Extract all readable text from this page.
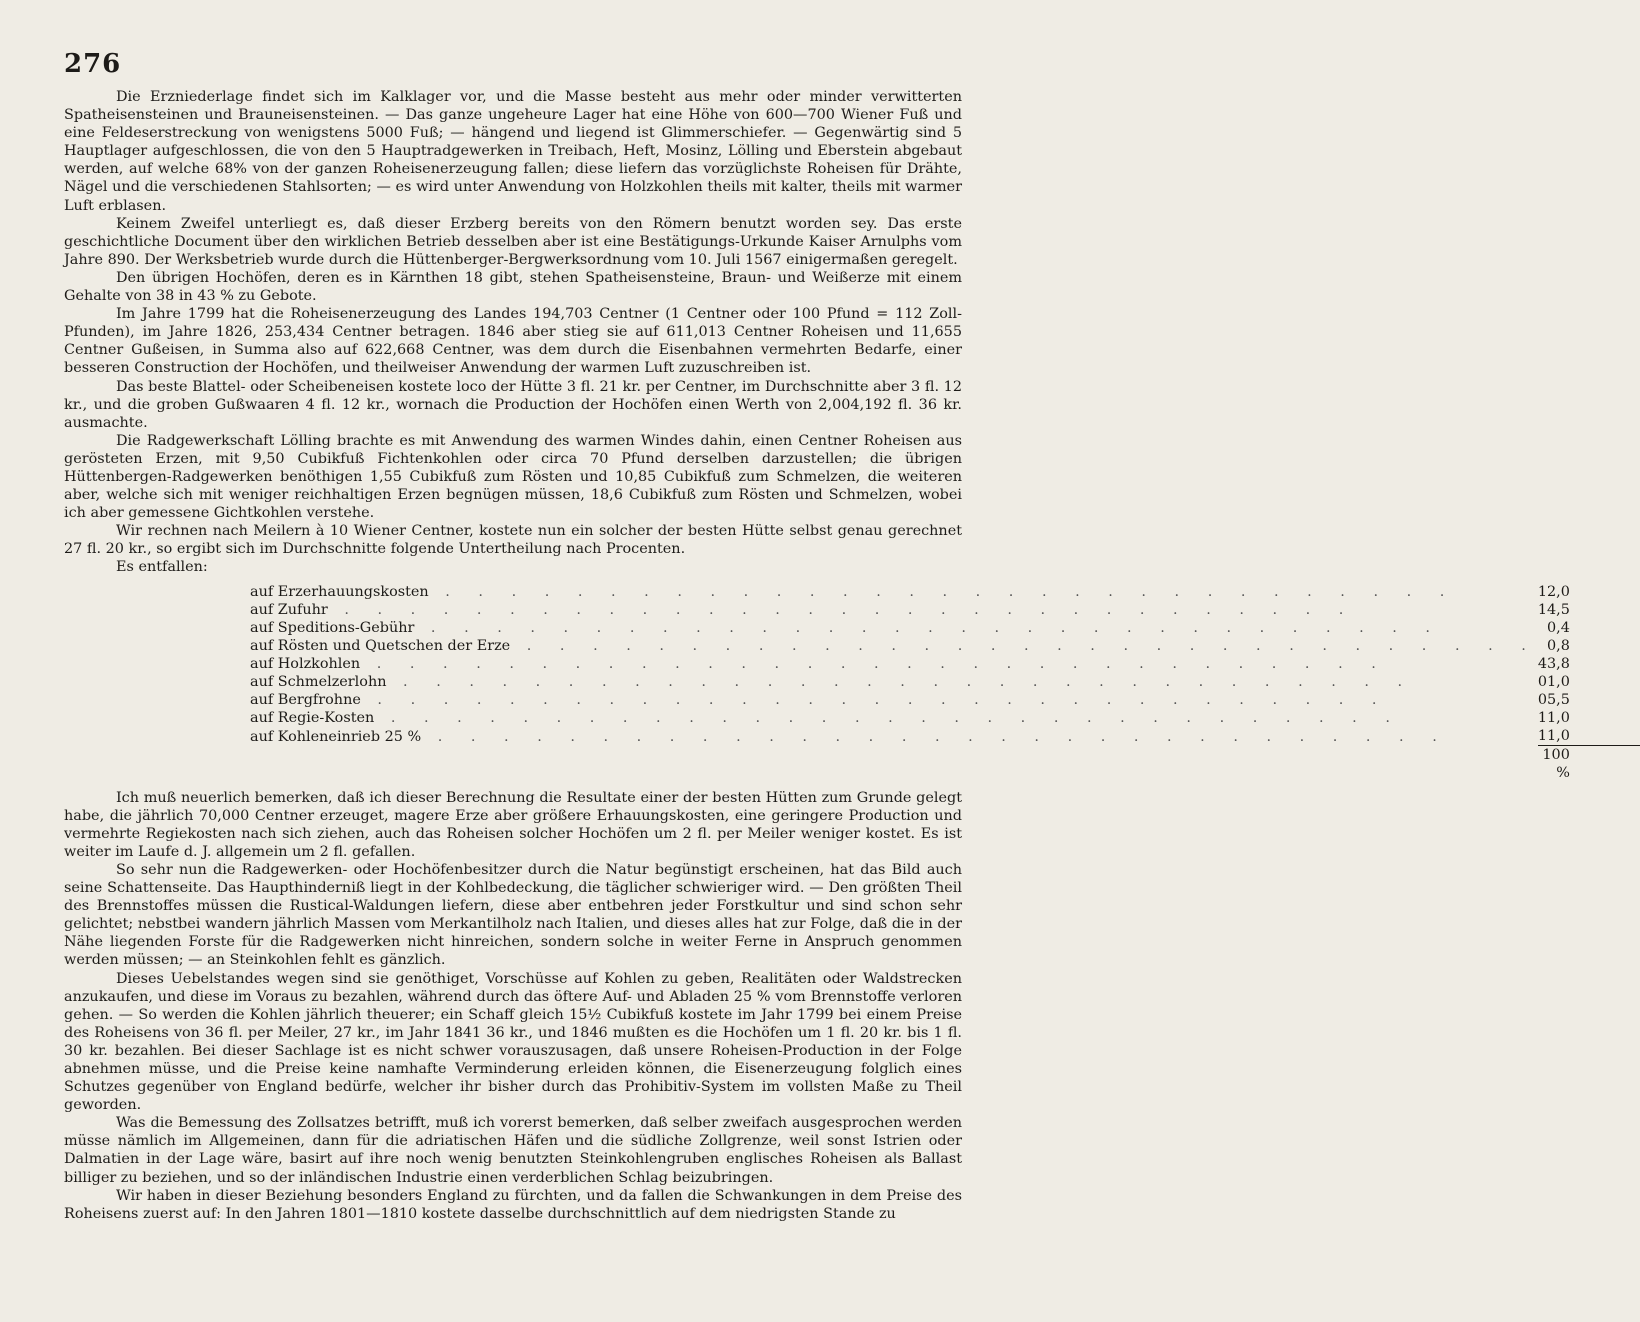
276

Die Erzniederlage findet sich im Kalklager vor, und die Masse besteht aus mehr oder minder verwitterten Spatheisensteinen und Brauneisensteinen. — Das ganze ungeheure Lager hat eine Höhe von 600—700 Wiener Fuß und eine Feldeserstreckung von wenigstens 5000 Fuß; — hängend und liegend ist Glimmerschiefer. — Gegenwärtig sind 5 Hauptlager aufgeschlossen, die von den 5 Hauptradgewerken in Treibach, Heft, Mosinz, Lölling und Eberstein abgebaut werden, auf welche 68% von der ganzen Roheisenerzeugung fallen; diese liefern das vorzüglichste Roheisen für Drähte, Nägel und die verschiedenen Stahlsorten; — es wird unter Anwendung von Holzkohlen theils mit kalter, theils mit warmer Luft erblasen.

Keinem Zweifel unterliegt es, daß dieser Erzberg bereits von den Römern benutzt worden sey. Das erste geschichtliche Document über den wirklichen Betrieb desselben aber ist eine Bestätigungs-Urkunde Kaiser Arnulphs vom Jahre 890. Der Werksbetrieb wurde durch die Hüttenberger-Bergwerksordnung vom 10. Juli 1567 einigermaßen geregelt.

Den übrigen Hochöfen, deren es in Kärnthen 18 gibt, stehen Spatheisensteine, Braun- und Weißerze mit einem Gehalte von 38 in 43 % zu Gebote.

Im Jahre 1799 hat die Roheisenerzeugung des Landes 194,703 Centner (1 Centner oder 100 Pfund = 112 Zoll-Pfunden), im Jahre 1826, 253,434 Centner betragen. 1846 aber stieg sie auf 611,013 Centner Roheisen und 11,655 Centner Gußeisen, in Summa also auf 622,668 Centner, was dem durch die Eisenbahnen vermehrten Bedarfe, einer besseren Construction der Hochöfen, und theilweiser Anwendung der warmen Luft zuzuschreiben ist.

Das beste Blattel- oder Scheibeneisen kostete loco der Hütte 3 fl. 21 kr. per Centner, im Durchschnitte aber 3 fl. 12 kr., und die groben Gußwaaren 4 fl. 12 kr., wornach die Production der Hochöfen einen Werth von 2,004,192 fl. 36 kr. ausmachte.

Die Radgewerkschaft Lölling brachte es mit Anwendung des warmen Windes dahin, einen Centner Roheisen aus gerösteten Erzen, mit 9,50 Cubikfuß Fichtenkohlen oder circa 70 Pfund derselben darzustellen; die übrigen Hüttenbergen-Radgewerken benöthigen 1,55 Cubikfuß zum Rösten und 10,85 Cubikfuß zum Schmelzen, die weiteren aber, welche sich mit weniger reichhaltigen Erzen begnügen müssen, 18,6 Cubikfuß zum Rösten und Schmelzen, wobei ich aber gemessene Gichtkohlen verstehe.

Wir rechnen nach Meilern à 10 Wiener Centner, kostete nun ein solcher der besten Hütte selbst genau gerechnet 27 fl. 20 kr., so ergibt sich im Durchschnitte folgende Untertheilung nach Procenten.

Es entfallen:

auf Erzerhauungskosten . . .	12,0
auf Zufuhr . . .	14,5
auf Speditions-Gebühr . . .	0,4
auf Rösten und Quetschen der Erze . . .	0,8
auf Holzkohlen . . .	43,8
auf Schmelzerlohn . . .	01,0
auf Bergfrohne . . .	05,5
auf Regie-Kosten . . .	11,0
auf Kohleneinrieb 25 % . . .	11,0
	100 %

Ich muß neuerlich bemerken, daß ich dieser Berechnung die Resultate einer der besten Hütten zum Grunde gelegt habe, die jährlich 70,000 Centner erzeuget, magere Erze aber größere Erhauungskosten, eine geringere Production und vermehrte Regiekosten nach sich ziehen, auch das Roheisen solcher Hochöfen um 2 fl. per Meiler weniger kostet. Es ist weiter im Laufe d. J. allgemein um 2 fl. gefallen.

So sehr nun die Radgewerken- oder Hochöfenbesitzer durch die Natur begünstigt erscheinen, hat das Bild auch seine Schattenseite. Das Haupthinderniß liegt in der Kohlbedeckung, die täglicher schwieriger wird. — Den größten Theil des Brennstoffes müssen die Rustical-Waldungen liefern, diese aber entbehren jeder Forstkultur und sind schon sehr gelichtet; nebstbei wandern jährlich Massen vom Merkantilholz nach Italien, und dieses alles hat zur Folge, daß die in der Nähe liegenden Forste für die Radgewerken nicht hinreichen, sondern solche in weiter Ferne in Anspruch genommen werden müssen; — an Steinkohlen fehlt es gänzlich.

Dieses Uebelstandes wegen sind sie genöthiget, Vorschüsse auf Kohlen zu geben, Realitäten oder Waldstrecken anzukaufen, und diese im Voraus zu bezahlen, während durch das öftere Auf- und Abladen 25 % vom Brennstoffe verloren gehen. — So werden die Kohlen jährlich theuerer; ein Schaff gleich 15½ Cubikfuß kostete im Jahr 1799 bei einem Preise des Roheisens von 36 fl. per Meiler, 27 kr., im Jahr 1841 36 kr., und 1846 mußten es die Hochöfen um 1 fl. 20 kr. bis 1 fl. 30 kr. bezahlen. Bei dieser Sachlage ist es nicht schwer vorauszusagen, daß unsere Roheisen-Production in der Folge abnehmen müsse, und die Preise keine namhafte Verminderung erleiden können, die Eisenerzeugung folglich eines Schutzes gegenüber von England bedürfe, welcher ihr bisher durch das Prohibitiv-System im vollsten Maße zu Theil geworden.

Was die Bemessung des Zollsatzes betrifft, muß ich vorerst bemerken, daß selber zweifach ausgesprochen werden müsse nämlich im Allgemeinen, dann für die adriatischen Häfen und die südliche Zollgrenze, weil sonst Istrien oder Dalmatien in der Lage wäre, basirt auf ihre noch wenig benutzten Steinkohlengruben englisches Roheisen als Ballast billiger zu beziehen, und so der inländischen Industrie einen verderblichen Schlag beizubringen.

Wir haben in dieser Beziehung besonders England zu fürchten, und da fallen die Schwankungen in dem Preise des Roheisens zuerst auf: In den Jahren 1801—1810 kostete dasselbe durchschnittlich auf dem niedrigsten Stande zu
